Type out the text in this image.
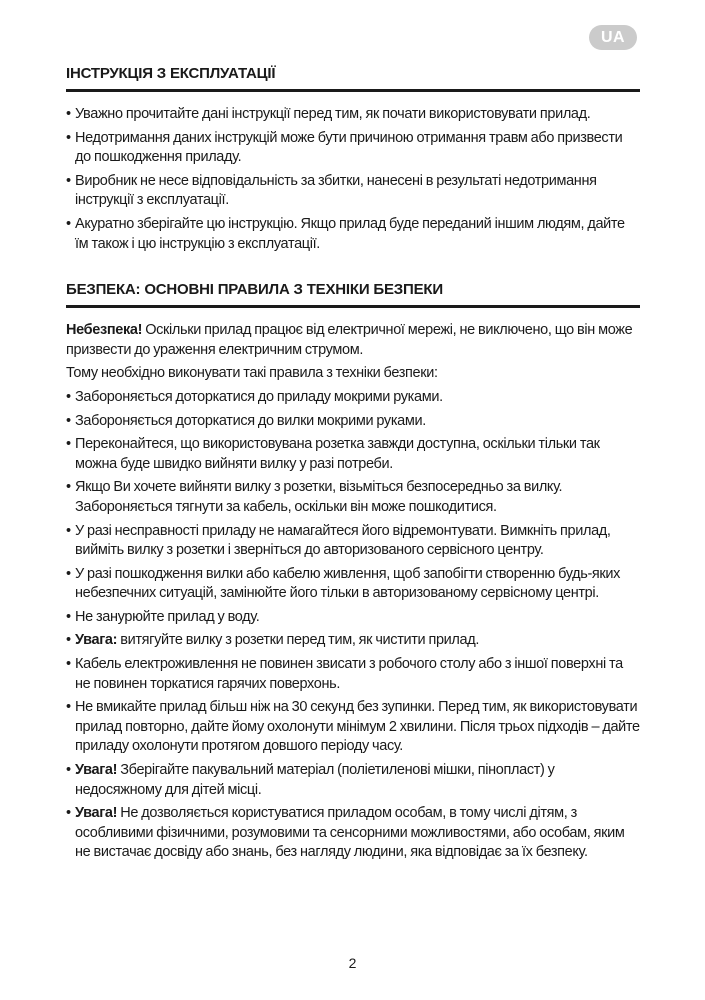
UA
ІНСТРУКЦІЯ З ЕКСПЛУАТАЦІЇ
• Уважно прочитайте дані інструкції перед тим, як почати використовувати прилад.
• Недотримання даних інструкцій може бути причиною отримання травм або призвести до пошкодження приладу.
• Виробник не несе відповідальність за збитки, нанесені в результаті недотримання інструкції з експлуатації.
• Акуратно зберігайте цю інструкцію. Якщо прилад буде переданий іншим людям, дайте їм також і цю інструкцію з експлуатації.
БЕЗПЕКА: ОСНОВНІ ПРАВИЛА З ТЕХНІКИ БЕЗПЕКИ

Небезпека! Оскільки прилад працює від електричної мережі, не виключено, що він може призвести до ураження електричним струмом.

Тому необхідно виконувати такі правила з техніки безпеки:

• Забороняється доторкатися до приладу мокрими руками.
• Забороняється доторкатися до вилки мокрими руками.
• Переконайтеся, що використовувана розетка завжди доступна, оскільки тільки так можна буде швидко вийняти вилку у разі потреби.
• Якщо Ви хочете вийняти вилку з розетки, візьміться безпосередньо за вилку. Забороняється тягнути за кабель, оскільки він може пошкодитися.
• У разі несправності приладу не намагайтеся його відремонтувати. Вимкніть прилад, вийміть вилку з розетки і зверніться до авторизованого сервісного центру.
• У разі пошкодження вилки або кабелю живлення, щоб запобігти створенню будь-яких небезпечних ситуацій, замінюйте його тільки в авторизованому сервісному центрі.
• Не занурюйте прилад у воду.
• Увага: витягуйте вилку з розетки перед тим, як чистити прилад.
• Кабель електроживлення не повинен звисати з робочого столу або з іншої поверхні та не повинен торкатися гарячих поверхонь.
• Не вмикайте прилад більш ніж на 30 секунд без зупинки. Перед тим, як використовувати прилад повторно, дайте йому охолонути мінімум 2 хвилини. Після трьох підходів – дайте приладу охолонути протягом довшого періоду часу.
• Увага! Зберігайте пакувальний матеріал (поліетиленові мішки, пінопласт) у недосяжному для дітей місці.
• Увага! Не дозволяється користуватися приладом особам, в тому числі дітям, з особливими фізичними, розумовими та сенсорними можливостями, або особам, яким не вистачає досвіду або знань, без нагляду людини, яка відповідає за їх безпеку.
2
